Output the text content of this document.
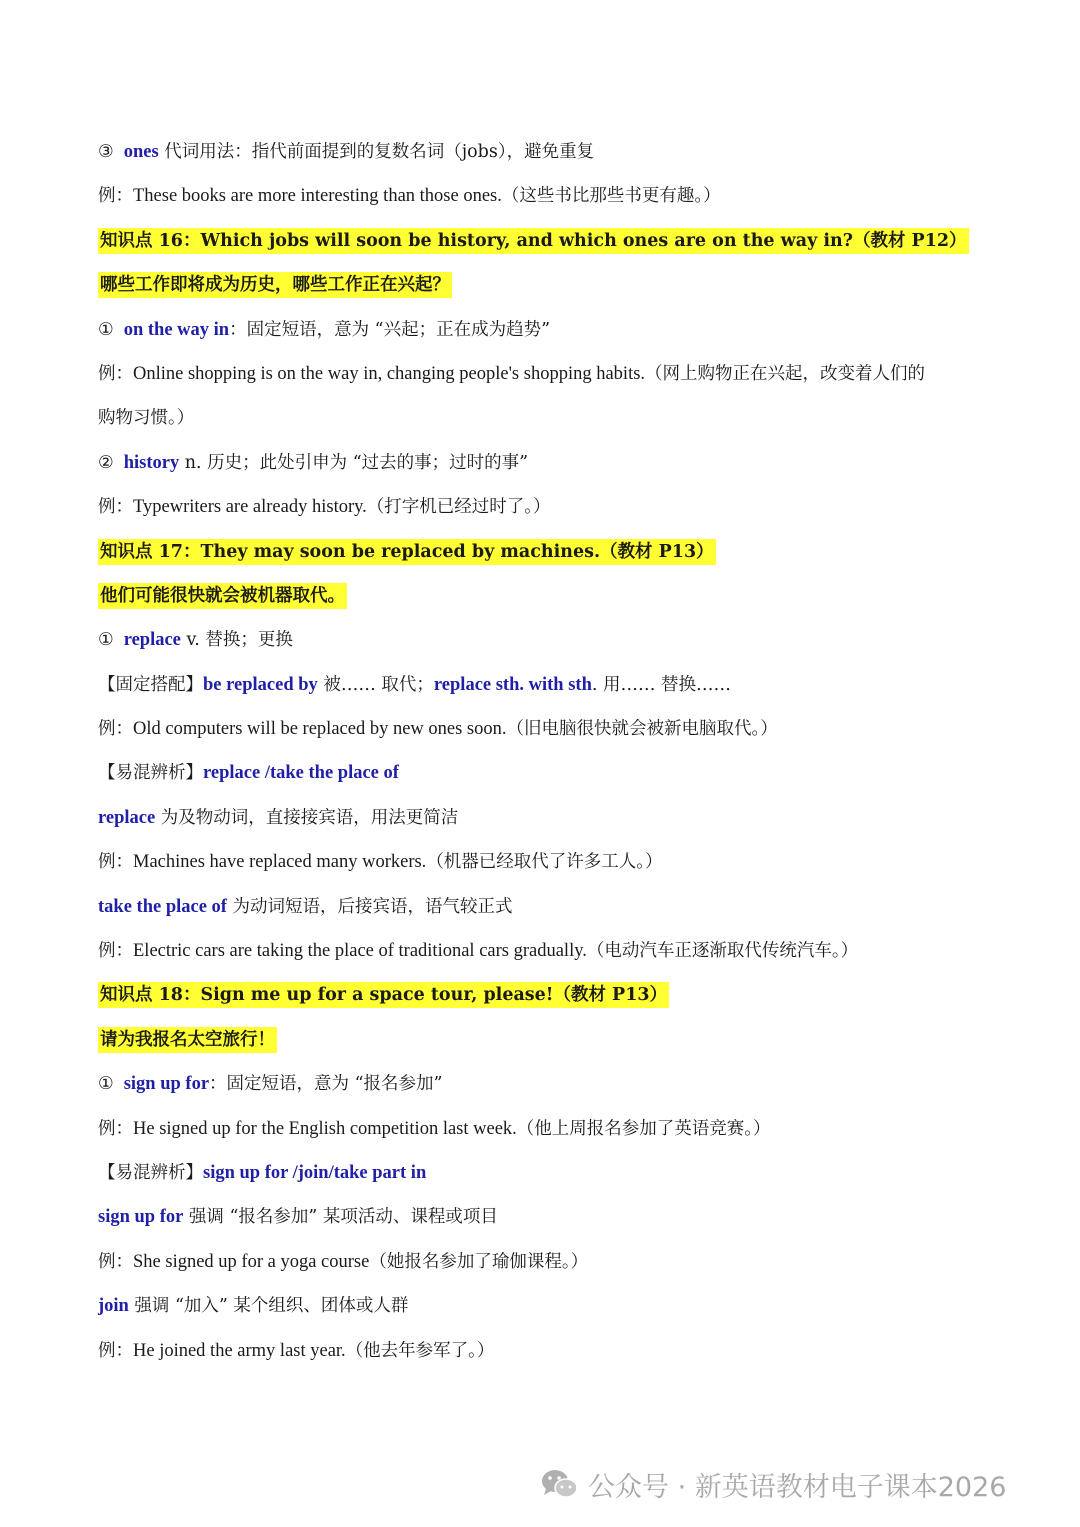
③ ones 代词用法：指代前面提到的复数名词（jobs），避免重复
例：These books are more interesting than those ones.（这些书比那些书更有趣。）
知识点 16：Which jobs will soon be history, and which ones are on the way in?（教材 P12）
哪些工作即将成为历史，哪些工作正在兴起？
① on the way in：固定短语，意为 “兴起；正在成为趋势”
例：Online shopping is on the way in, changing people's shopping habits.（网上购物正在兴起，改变着人们的
购物习惯。）
② history n. 历史；此处引申为 “过去的事；过时的事”
例：Typewriters are already history.（打字机已经过时了。）
知识点 17：They may soon be replaced by machines.（教材 P13）
他们可能很快就会被机器取代。
① replace v. 替换；更换
【固定搭配】be replaced by 被…… 取代；replace sth. with sth. 用…… 替换……
例：Old computers will be replaced by new ones soon.（旧电脑很快就会被新电脑取代。）
【易混辨析】replace /take the place of
replace 为及物动词，直接接宾语，用法更简洁
例：Machines have replaced many workers.（机器已经取代了许多工人。）
take the place of 为动词短语，后接宾语，语气较正式
例：Electric cars are taking the place of traditional cars gradually.（电动汽车正逐渐取代传统汽车。）
知识点 18：Sign me up for a space tour, please!（教材 P13）
请为我报名太空旅行！
① sign up for：固定短语，意为 “报名参加”
例：He signed up for the English competition last week.（他上周报名参加了英语竞赛。）
【易混辨析】sign up for /join/take part in
sign up for 强调 “报名参加” 某项活动、课程或项目
例：She signed up for a yoga course（她报名参加了瑜伽课程。）
join 强调 “加入” 某个组织、团体或人群
例：He joined the army last year.（他去年参军了。）
公众号 · 新英语教材电子课本2026
